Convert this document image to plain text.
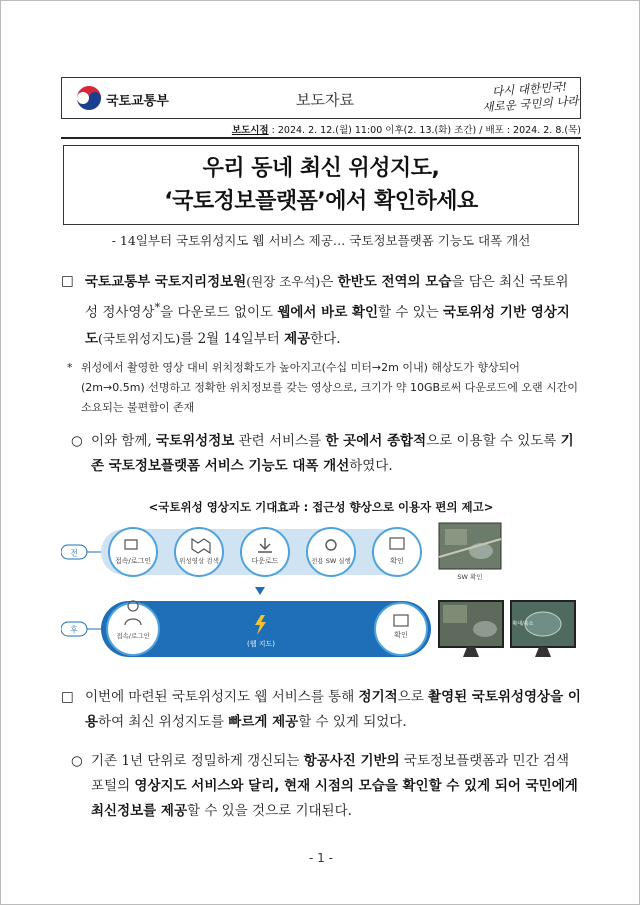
국토교통부	보도자료
다시 대한민국!
새로운 국민의 나라
보도시점 : 2024. 2. 12.(월) 11:00 이후(2. 13.(화) 조간) / 배포 : 2024. 2. 8.(목)
우리 동네 최신 위성지도,
‘국토정보플랫폼’에서 확인하세요
- 14일부터 국토위성지도 웹 서비스 제공… 국토정보플랫폼 기능도 대폭 개선
□ 국토교통부 국토지리정보원(원장 조우석)은 한반도 전역의 모습을 담은 최신 국토위성 정사영상*을 다운로드 없이도 웹에서 바로 확인할 수 있는 국토위성 기반 영상지도(국토위성지도)를 2월 14일부터 제공한다.
* 위성에서 촬영한 영상 대비 위치정확도가 높아지고(수십 미터→2m 이내) 해상도가 향상되어(2m→0.5m) 선명하고 정확한 위치정보를 갖는 영상으로, 크기가 약 10GB로써 다운로드에 오랜 시간이 소요되는 불편함이 존재
○ 이와 함께, 국토위성정보 관련 서비스를 한 곳에서 종합적으로 이용할 수 있도록 기존 국토정보플랫폼 서비스 기능도 대폭 개선하였다.
<국토위성 영상지도 기대효과 : 접근성 향상으로 이용자 편의 제고>
전
접속/로그인	위성영상 검색	다운로드	전용 SW 실행	확인
SW 확인
후
접속/로그인
(웹 지도)
확인
확대/축소
□ 이번에 마련된 국토위성지도 웹 서비스를 통해 정기적으로 촬영된 국토위성영상을 이용하여 최신 위성지도를 빠르게 제공할 수 있게 되었다.
○ 기존 1년 단위로 정밀하게 갱신되는 항공사진 기반의 국토정보플랫폼과 민간 검색포털의 영상지도 서비스와 달리, 현재 시점의 모습을 확인할 수 있게 되어 국민에게 최신정보를 제공할 수 있을 것으로 기대된다.
- 1 -
